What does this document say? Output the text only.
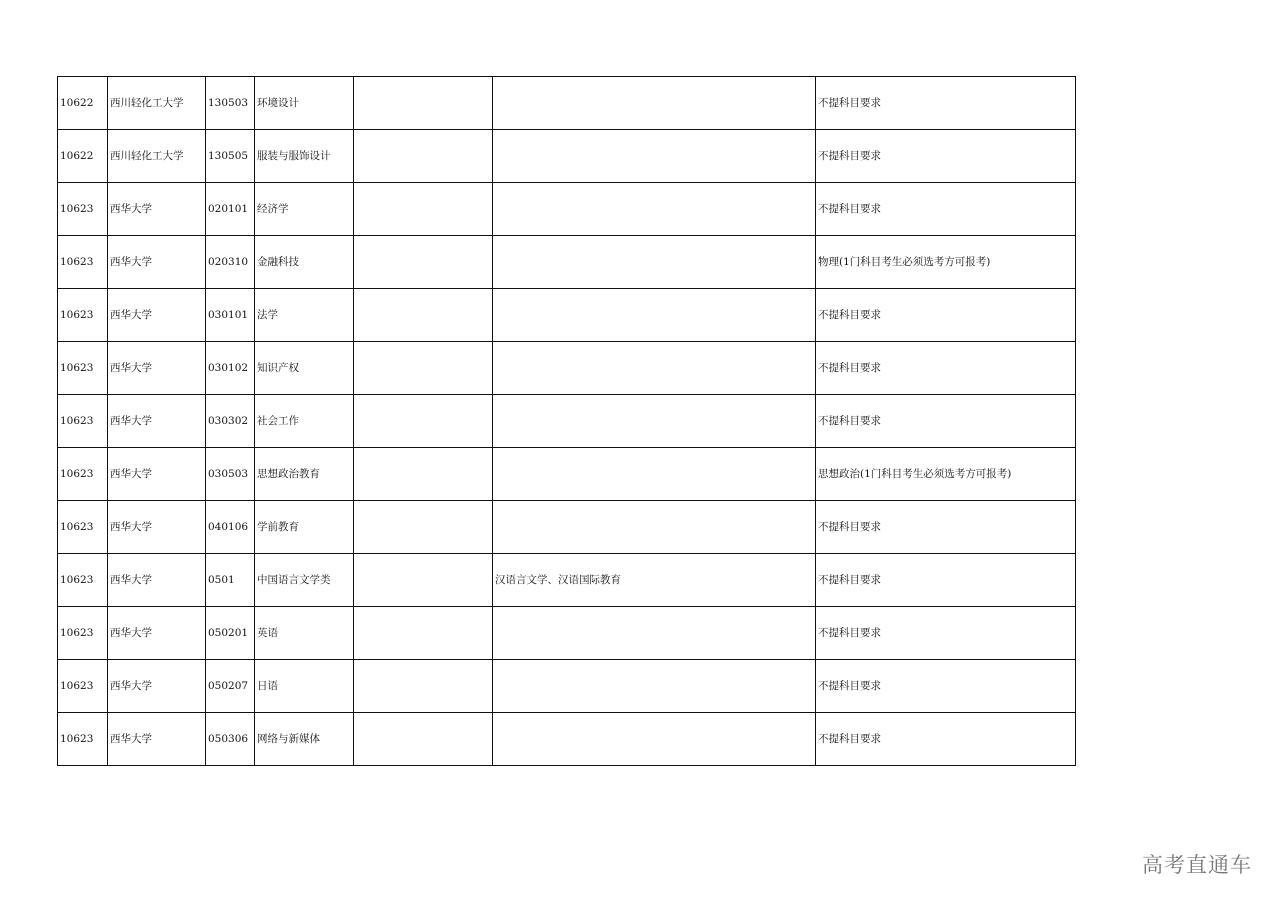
10622	西川轻化工大学	130503	环境设计			不提科目要求
10622	西川轻化工大学	130505	服装与服饰设计			不提科目要求
10623	西华大学	020101	经济学			不提科目要求
10623	西华大学	020310	金融科技			物理(1门科目考生必须选考方可报考)
10623	西华大学	030101	法学			不提科目要求
10623	西华大学	030102	知识产权			不提科目要求
10623	西华大学	030302	社会工作			不提科目要求
10623	西华大学	030503	思想政治教育			思想政治(1门科目考生必须选考方可报考)
10623	西华大学	040106	学前教育			不提科目要求
10623	西华大学	0501	中国语言文学类		汉语言文学、汉语国际教育	不提科目要求
10623	西华大学	050201	英语			不提科目要求
10623	西华大学	050207	日语			不提科目要求
10623	西华大学	050306	网络与新媒体			不提科目要求
高考直通车
